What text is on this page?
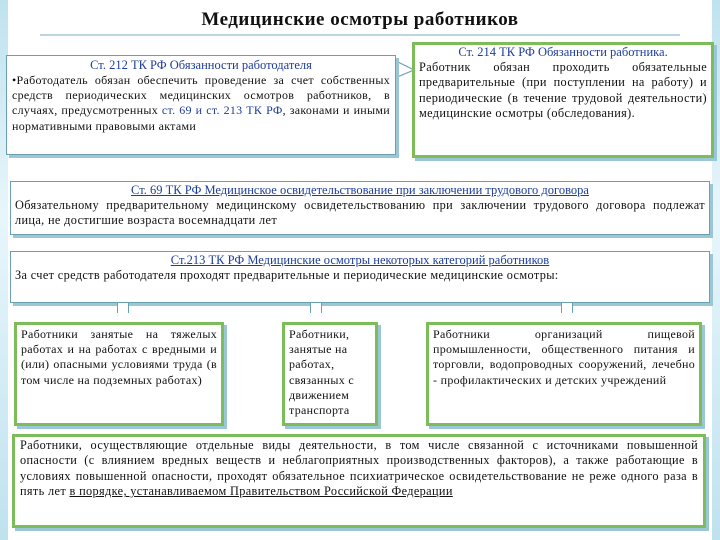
Медицинские осмотры работников
Ст. 212 ТК РФ Обязанности работодателя
•Работодатель обязан обеспечить проведение за счет собственных средств периодических медицинских осмотров работников, в случаях, предусмотренных ст. 69 и ст. 213 ТК РФ, законами и иными нормативными правовыми актами
Ст. 214 ТК РФ Обязанности работника.
Работник обязан проходить обязательные предварительные (при поступлении на работу) и периодические (в течение трудовой деятельности) медицинские осмотры (обследования).
Ст. 69 ТК РФ Медицинское освидетельствование при заключении трудового договора
Обязательному предварительному медицинскому освидетельствованию при заключении трудового договора подлежат лица, не достигшие возраста восемнадцати лет
Ст.213 ТК РФ Медицинские осмотры некоторых категорий работников
За счет средств работодателя проходят предварительные и периодические медицинские осмотры:
Работники занятые на тяжелых работах и на работах с вредными и (или) опасными условиями труда (в том числе на подземных работах)
Работники, занятые на работах, связанных с движением транспорта
Работники организаций пищевой промышленности, общественного питания и торговли, водопроводных сооружений, лечебно - профилактических и детских учреждений
Работники, осуществляющие отдельные виды деятельности, в том числе связанной с источниками повышенной опасности (с влиянием вредных веществ и неблагоприятных производственных факторов), а также работающие в условиях повышенной опасности, проходят обязательное психиатрическое освидетельствование не реже одного раза в пять лет в порядке, устанавливаемом Правительством Российской Федерации
